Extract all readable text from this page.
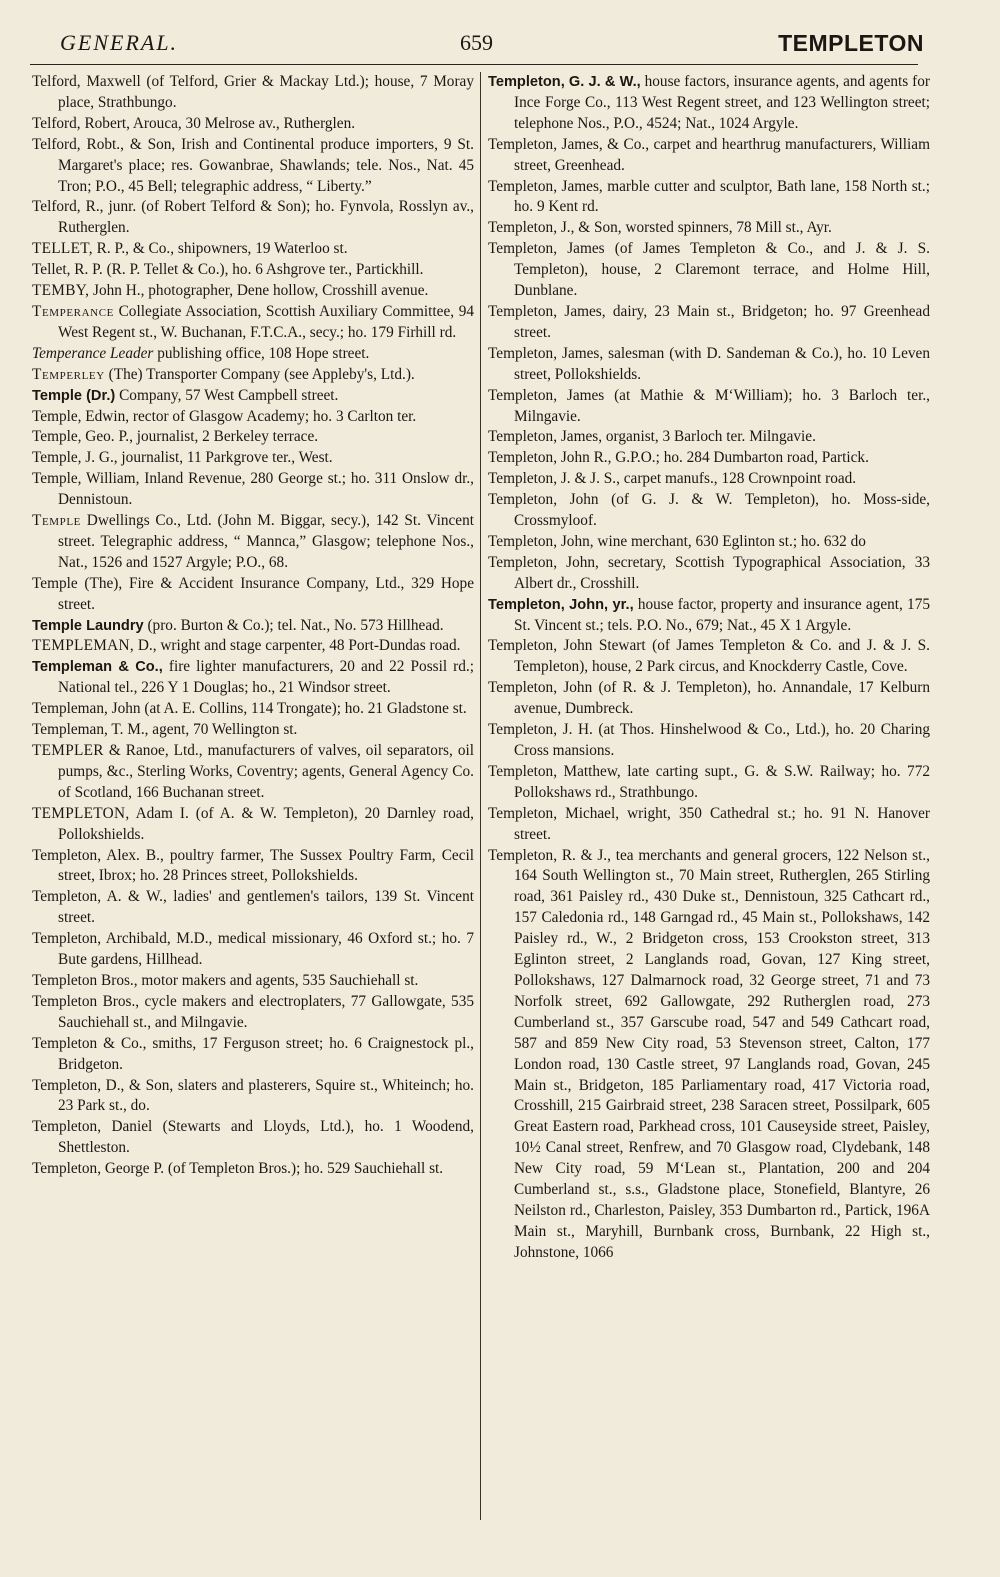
GENERAL.	659	TEMPLETON

Telford, Maxwell (of Telford, Grier & Mackay Ltd.); house, 7 Moray place, Strathbungo.

Telford, Robert, Arouca, 30 Melrose av., Rutherglen.

Telford, Robt., & Son, Irish and Continental produce importers, 9 St. Margaret's place; res. Gowanbrae, Shawlands; tele. Nos., Nat. 45 Tron; P.O., 45 Bell; telegraphic address, “ Liberty.”

Telford, R., junr. (of Robert Telford & Son); ho. Fynvola, Rosslyn av., Rutherglen.

TELLET, R. P., & Co., shipowners, 19 Waterloo st.

Tellet, R. P. (R. P. Tellet & Co.), ho. 6 Ashgrove ter., Partickhill.

TEMBY, John H., photographer, Dene hollow, Crosshill avenue.

Temperance Collegiate Association, Scottish Auxiliary Committee, 94 West Regent st., W. Buchanan, F.T.C.A., secy.; ho. 179 Firhill rd.

Temperance Leader publishing office, 108 Hope street.

Temperley (The) Transporter Company (see Appleby's, Ltd.).

Temple (Dr.) Company, 57 West Campbell street.

Temple, Edwin, rector of Glasgow Academy; ho. 3 Carlton ter.

Temple, Geo. P., journalist, 2 Berkeley terrace.

Temple, J. G., journalist, 11 Parkgrove ter., West.

Temple, William, Inland Revenue, 280 George st.; ho. 311 Onslow dr., Dennistoun.

Temple Dwellings Co., Ltd. (John M. Biggar, secy.), 142 St. Vincent street. Telegraphic address, “ Mannca,” Glasgow; telephone Nos., Nat., 1526 and 1527 Argyle; P.O., 68.

Temple (The), Fire & Accident Insurance Company, Ltd., 329 Hope street.

Temple Laundry (pro. Burton & Co.); tel. Nat., No. 573 Hillhead.

TEMPLEMAN, D., wright and stage carpenter, 48 Port-Dundas road.

Templeman & Co., fire lighter manufacturers, 20 and 22 Possil rd.; National tel., 226 Y 1 Douglas; ho., 21 Windsor street.

Templeman, John (at A. E. Collins, 114 Trongate); ho. 21 Gladstone st.

Templeman, T. M., agent, 70 Wellington st.

TEMPLER & Ranoe, Ltd., manufacturers of valves, oil separators, oil pumps, &c., Sterling Works, Coventry; agents, General Agency Co. of Scotland, 166 Buchanan street.

TEMPLETON, Adam I. (of A. & W. Templeton), 20 Darnley road, Pollokshields.

Templeton, Alex. B., poultry farmer, The Sussex Poultry Farm, Cecil street, Ibrox; ho. 28 Princes street, Pollokshields.

Templeton, A. & W., ladies' and gentlemen's tailors, 139 St. Vincent street.

Templeton, Archibald, M.D., medical missionary, 46 Oxford st.; ho. 7 Bute gardens, Hillhead.

Templeton Bros., motor makers and agents, 535 Sauchiehall st.

Templeton Bros., cycle makers and electroplaters, 77 Gallowgate, 535 Sauchiehall st., and Milngavie.

Templeton & Co., smiths, 17 Ferguson street; ho. 6 Craignestock pl., Bridgeton.

Templeton, D., & Son, slaters and plasterers, Squire st., Whiteinch; ho. 23 Park st., do.

Templeton, Daniel (Stewarts and Lloyds, Ltd.), ho. 1 Woodend, Shettleston.

Templeton, George P. (of Templeton Bros.); ho. 529 Sauchiehall st.

Templeton, G. J. & W., house factors, insurance agents, and agents for Ince Forge Co., 113 West Regent street, and 123 Wellington street; telephone Nos., P.O., 4524; Nat., 1024 Argyle.

Templeton, James, & Co., carpet and hearthrug manufacturers, William street, Greenhead.

Templeton, James, marble cutter and sculptor, Bath lane, 158 North st.; ho. 9 Kent rd.

Templeton, J., & Son, worsted spinners, 78 Mill st., Ayr.

Templeton, James (of James Templeton & Co., and J. & J. S. Templeton), house, 2 Claremont terrace, and Holme Hill, Dunblane.

Templeton, James, dairy, 23 Main st., Bridgeton; ho. 97 Greenhead street.

Templeton, James, salesman (with D. Sandeman & Co.), ho. 10 Leven street, Pollokshields.

Templeton, James (at Mathie & M‘William); ho. 3 Barloch ter., Milngavie.

Templeton, James, organist, 3 Barloch ter. Milngavie.

Templeton, John R., G.P.O.; ho. 284 Dumbarton road, Partick.

Templeton, J. & J. S., carpet manufs., 128 Crownpoint road.

Templeton, John (of G. J. & W. Templeton), ho. Moss-side, Crossmyloof.

Templeton, John, wine merchant, 630 Eglinton st.; ho. 632 do

Templeton, John, secretary, Scottish Typographical Association, 33 Albert dr., Crosshill.

Templeton, John, yr., house factor, property and insurance agent, 175 St. Vincent st.; tels. P.O. No., 679; Nat., 45 X 1 Argyle.

Templeton, John Stewart (of James Templeton & Co. and J. & J. S. Templeton), house, 2 Park circus, and Knockderry Castle, Cove.

Templeton, John (of R. & J. Templeton), ho. Annandale, 17 Kelburn avenue, Dumbreck.

Templeton, J. H. (at Thos. Hinshelwood & Co., Ltd.), ho. 20 Charing Cross mansions.

Templeton, Matthew, late carting supt., G. & S.W. Railway; ho. 772 Pollokshaws rd., Strathbungo.

Templeton, Michael, wright, 350 Cathedral st.; ho. 91 N. Hanover street.

Templeton, R. & J., tea merchants and general grocers, 122 Nelson st., 164 South Wellington st., 70 Main street, Rutherglen, 265 Stirling road, 361 Paisley rd., 430 Duke st., Dennistoun, 325 Cathcart rd., 157 Caledonia rd., 148 Garngad rd., 45 Main st., Pollokshaws, 142 Paisley rd., W., 2 Bridgeton cross, 153 Crookston street, 313 Eglinton street, 2 Langlands road, Govan, 127 King street, Pollokshaws, 127 Dalmarnock road, 32 George street, 71 and 73 Norfolk street, 692 Gallowgate, 292 Rutherglen road, 273 Cumberland st., 357 Garscube road, 547 and 549 Cathcart road, 587 and 859 New City road, 53 Stevenson street, Calton, 177 London road, 130 Castle street, 97 Langlands road, Govan, 245 Main st., Bridgeton, 185 Parliamentary road, 417 Victoria road, Crosshill, 215 Gairbraid street, 238 Saracen street, Possilpark, 605 Great Eastern road, Parkhead cross, 101 Causeyside street, Paisley, 10½ Canal street, Renfrew, and 70 Glasgow road, Clydebank, 148 New City road, 59 M‘Lean st., Plantation, 200 and 204 Cumberland st., s.s., Gladstone place, Stonefield, Blantyre, 26 Neilston rd., Charleston, Paisley, 353 Dumbarton rd., Partick, 196A Main st., Maryhill, Burnbank cross, Burnbank, 22 High st., Johnstone, 1066
